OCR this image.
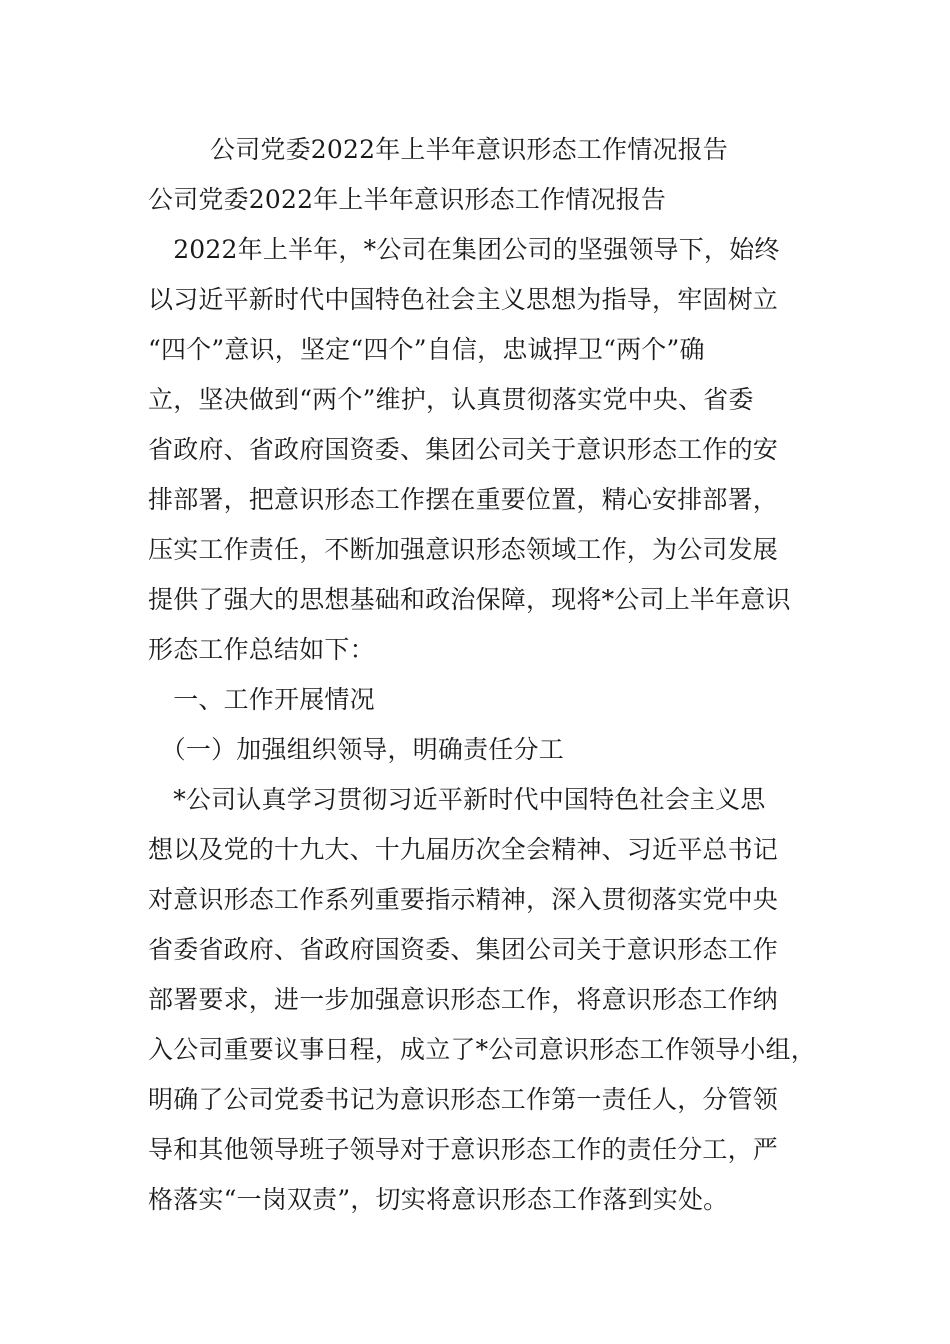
公司党委2022年上半年意识形态工作情况报告
公司党委2022年上半年意识形态工作情况报告
　2022年上半年，*公司在集团公司的坚强领导下，始终
以习近平新时代中国特色社会主义思想为指导，牢固树立
“四个”意识，坚定“四个”自信，忠诚捍卫“两个”确
立，坚决做到“两个”维护，认真贯彻落实党中央、省委
省政府、省政府国资委、集团公司关于意识形态工作的安
排部署，把意识形态工作摆在重要位置，精心安排部署，
压实工作责任，不断加强意识形态领域工作，为公司发展
提供了强大的思想基础和政治保障，现将*公司上半年意识
形态工作总结如下：
　一、工作开展情况
　（一）加强组织领导，明确责任分工
　*公司认真学习贯彻习近平新时代中国特色社会主义思
想以及党的十九大、十九届历次全会精神、习近平总书记
对意识形态工作系列重要指示精神，深入贯彻落实党中央
省委省政府、省政府国资委、集团公司关于意识形态工作
部署要求，进一步加强意识形态工作，将意识形态工作纳
入公司重要议事日程，成立了*公司意识形态工作领导小组，
明确了公司党委书记为意识形态工作第一责任人，分管领
导和其他领导班子领导对于意识形态工作的责任分工，严
格落实“一岗双责”，切实将意识形态工作落到实处。
